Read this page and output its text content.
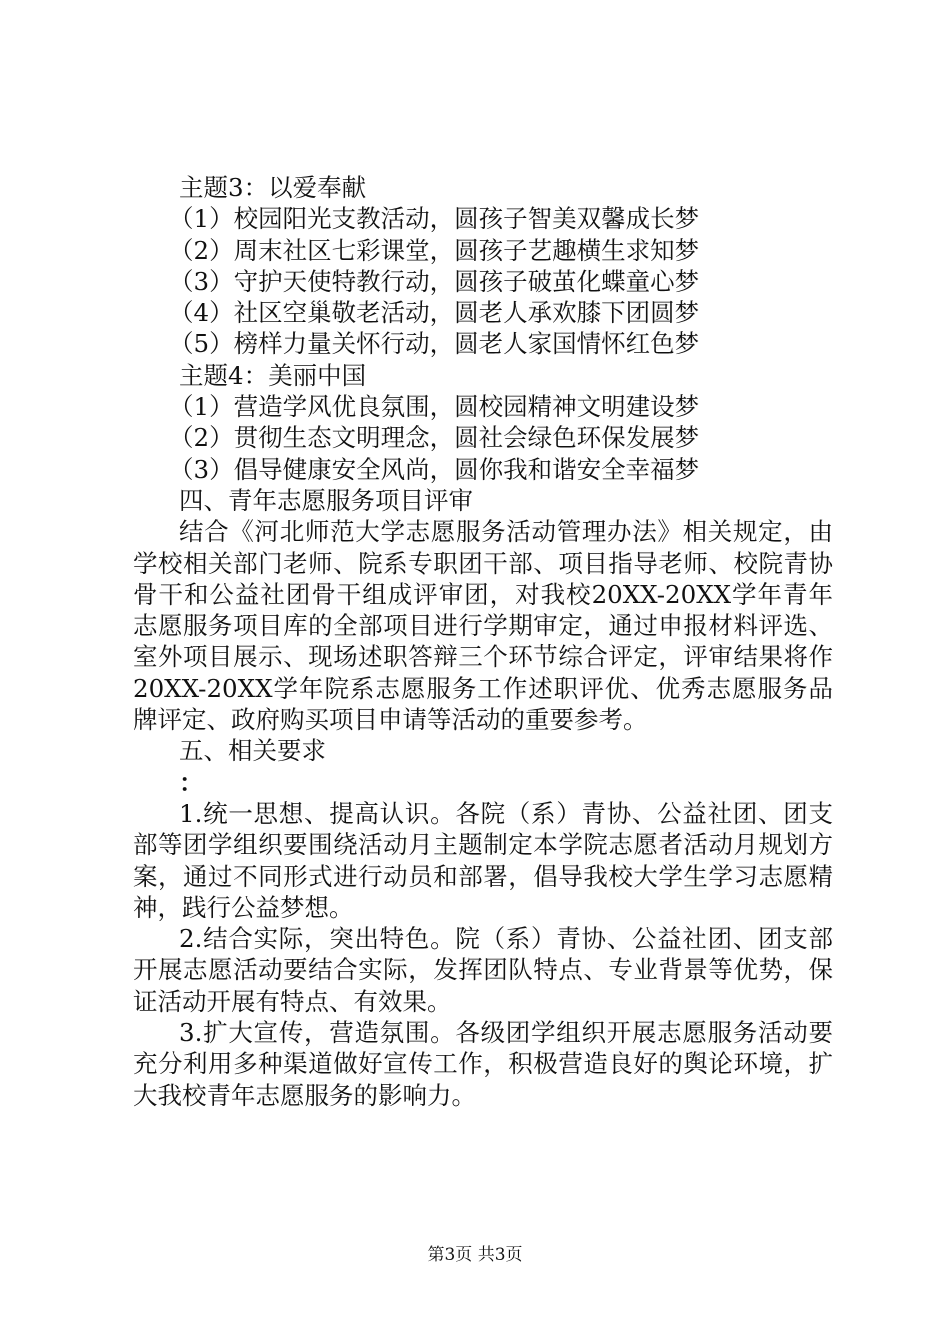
主题3：以爱奉献
（1）校园阳光支教活动，圆孩子智美双馨成长梦
（2）周末社区七彩课堂，圆孩子艺趣横生求知梦
（3）守护天使特教行动，圆孩子破茧化蝶童心梦
（4）社区空巢敬老活动，圆老人承欢膝下团圆梦
（5）榜样力量关怀行动，圆老人家国情怀红色梦
主题4：美丽中国
（1）营造学风优良氛围，圆校园精神文明建设梦
（2）贯彻生态文明理念，圆社会绿色环保发展梦
（3）倡导健康安全风尚，圆你我和谐安全幸福梦
四、青年志愿服务项目评审
结合《河北师范大学志愿服务活动管理办法》相关规定，由学校相关部门老师、院系专职团干部、项目指导老师、校院青协骨干和公益社团骨干组成评审团，对我校20XX-20XX学年青年志愿服务项目库的全部项目进行学期审定，通过申报材料评选、室外项目展示、现场述职答辩三个环节综合评定，评审结果将作20XX-20XX学年院系志愿服务工作述职评优、优秀志愿服务品牌评定、政府购买项目申请等活动的重要参考。
五、相关要求
：
1.统一思想、提高认识。各院（系）青协、公益社团、团支部等团学组织要围绕活动月主题制定本学院志愿者活动月规划方案，通过不同形式进行动员和部署，倡导我校大学生学习志愿精神，践行公益梦想。
2.结合实际，突出特色。院（系）青协、公益社团、团支部开展志愿活动要结合实际，发挥团队特点、专业背景等优势，保证活动开展有特点、有效果。
3.扩大宣传，营造氛围。各级团学组织开展志愿服务活动要充分利用多种渠道做好宣传工作，积极营造良好的舆论环境，扩大我校青年志愿服务的影响力。
第3页 共3页
